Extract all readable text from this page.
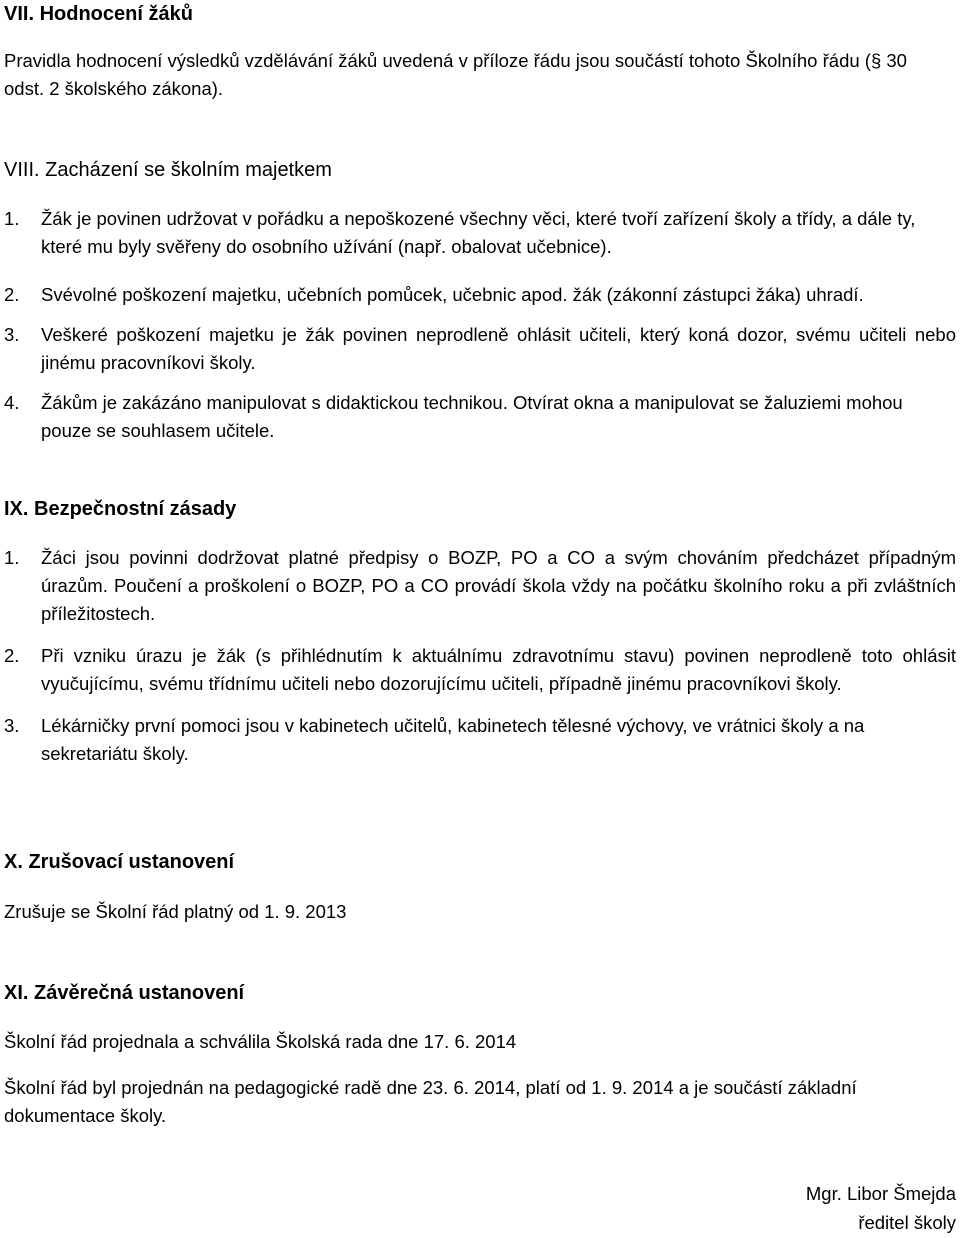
VII. Hodnocení žáků

Pravidla hodnocení výsledků vzdělávání žáků uvedená v příloze řádu jsou součástí tohoto Školního řádu (§ 30 odst. 2 školského zákona).

VIII. Zacházení se školním majetkem
1.	Žák je povinen udržovat v pořádku a nepoškozené všechny věci, které tvoří zařízení školy a třídy, a dále ty, které mu byly svěřeny do osobního užívání (např. obalovat učebnice).
2.	Svévolné poškození majetku, učebních pomůcek, učebnic apod. žák (zákonní zástupci žáka) uhradí.
3.	Veškeré poškození majetku je žák povinen neprodleně ohlásit učiteli, který koná dozor, svému učiteli nebo jinému pracovníkovi školy.
4.	Žákům je zakázáno manipulovat s didaktickou technikou. Otvírat okna a manipulovat se žaluziemi mohou pouze se souhlasem učitele.
IX. Bezpečnostní zásady
1.	Žáci jsou povinni dodržovat platné předpisy o BOZP, PO a CO a svým chováním předcházet případným úrazům. Poučení a proškolení o BOZP, PO a CO provádí škola vždy na počátku školního roku a při zvláštních příležitostech.
2.	Při vzniku úrazu je žák (s přihlédnutím k aktuálnímu zdravotnímu stavu) povinen neprodleně toto ohlásit vyučujícímu, svému třídnímu učiteli nebo dozorujícímu učiteli, případně jinému pracovníkovi školy.
3.	Lékárničky první pomoci jsou v kabinetech učitelů, kabinetech tělesné výchovy, ve vrátnici školy a na sekretariátu školy.
X. Zrušovací ustanovení

Zrušuje se Školní řád platný od 1. 9. 2013

XI. Závěrečná ustanovení

Školní řád projednala a schválila Školská rada dne 17. 6. 2014

Školní řád byl projednán na pedagogické radě dne 23. 6. 2014, platí od 1. 9. 2014 a je součástí základní dokumentace školy.

Mgr. Libor Šmejda
ředitel školy
